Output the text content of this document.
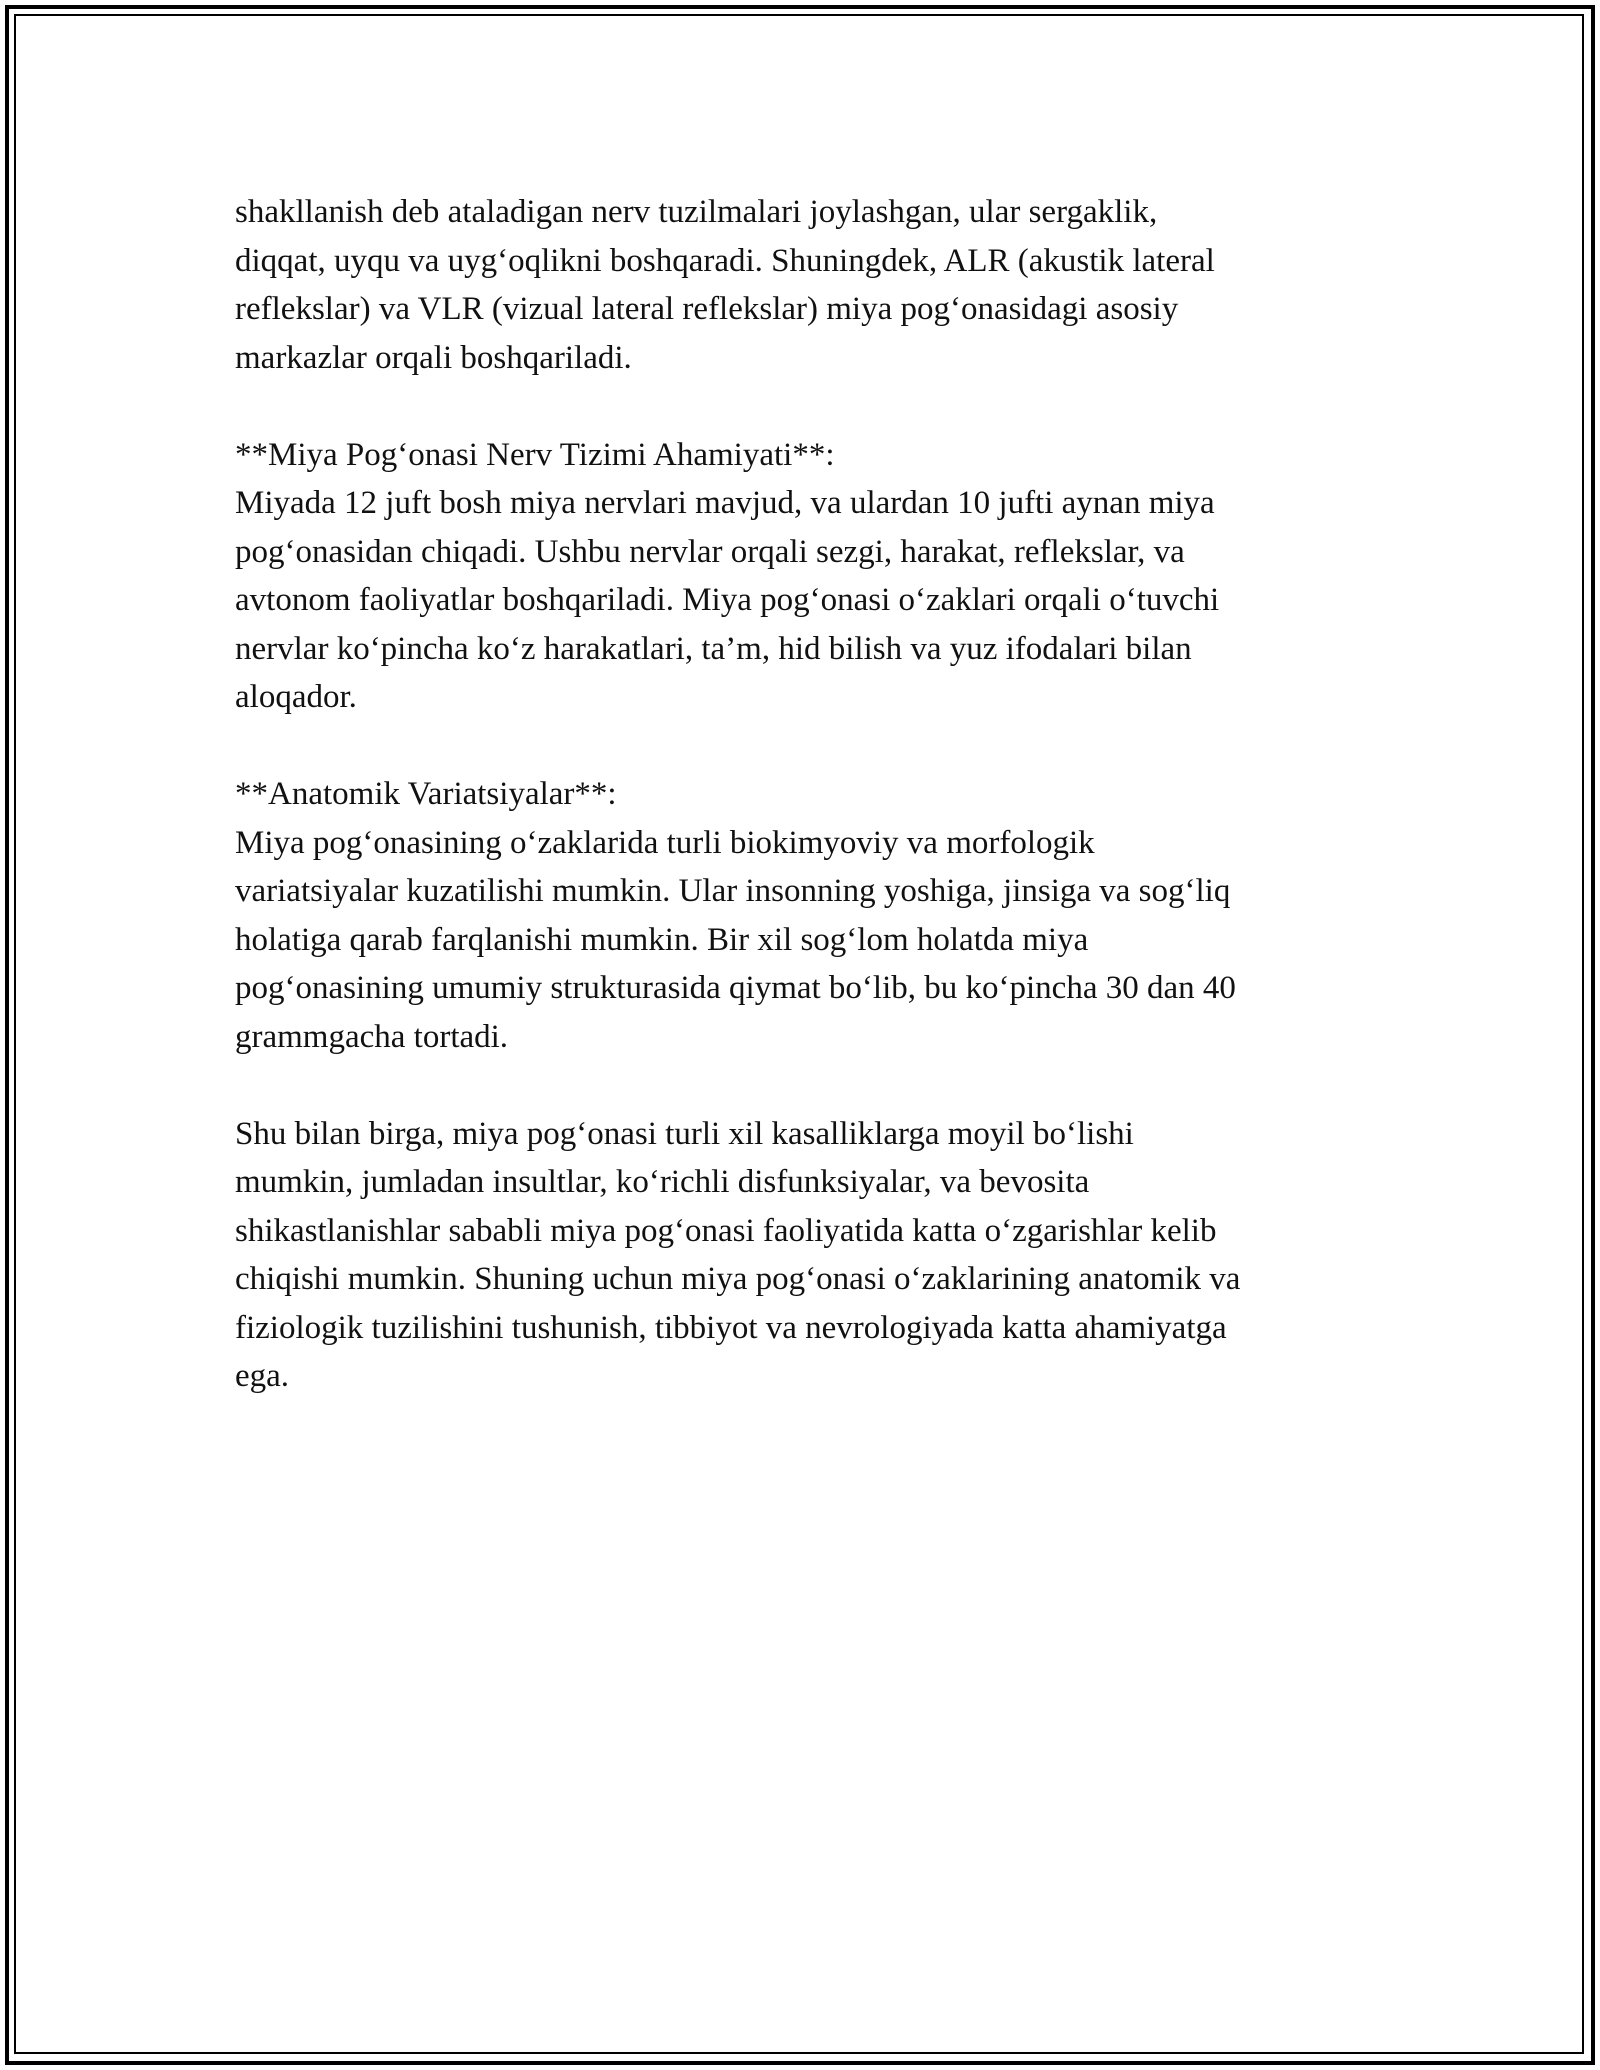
shakllanish deb ataladigan nerv tuzilmalari joylashgan, ular sergaklik,
diqqat, uyqu va uyg‘oqlikni boshqaradi. Shuningdek, ALR (akustik lateral
reflekslar) va VLR (vizual lateral reflekslar) miya pog‘onasidagi asosiy
markazlar orqali boshqariladi.

**Miya Pog‘onasi Nerv Tizimi Ahamiyati**:
Miyada 12 juft bosh miya nervlari mavjud, va ulardan 10 jufti aynan miya
pog‘onasidan chiqadi. Ushbu nervlar orqali sezgi, harakat, reflekslar, va
avtonom faoliyatlar boshqariladi. Miya pog‘onasi o‘zaklari orqali o‘tuvchi
nervlar ko‘pincha ko‘z harakatlari, ta’m, hid bilish va yuz ifodalari bilan
aloqador.

**Anatomik Variatsiyalar**:
Miya pog‘onasining o‘zaklarida turli biokimyoviy va morfologik
variatsiyalar kuzatilishi mumkin. Ular insonning yoshiga, jinsiga va sog‘liq
holatiga qarab farqlanishi mumkin. Bir xil sog‘lom holatda miya
pog‘onasining umumiy strukturasida qiymat bo‘lib, bu ko‘pincha 30 dan 40
grammgacha tortadi.

Shu bilan birga, miya pog‘onasi turli xil kasalliklarga moyil bo‘lishi
mumkin, jumladan insultlar, ko‘richli disfunksiyalar, va bevosita
shikastlanishlar sababli miya pog‘onasi faoliyatida katta o‘zgarishlar kelib
chiqishi mumkin. Shuning uchun miya pog‘onasi o‘zaklarining anatomik va
fiziologik tuzilishini tushunish, tibbiyot va nevrologiyada katta ahamiyatga
ega.
